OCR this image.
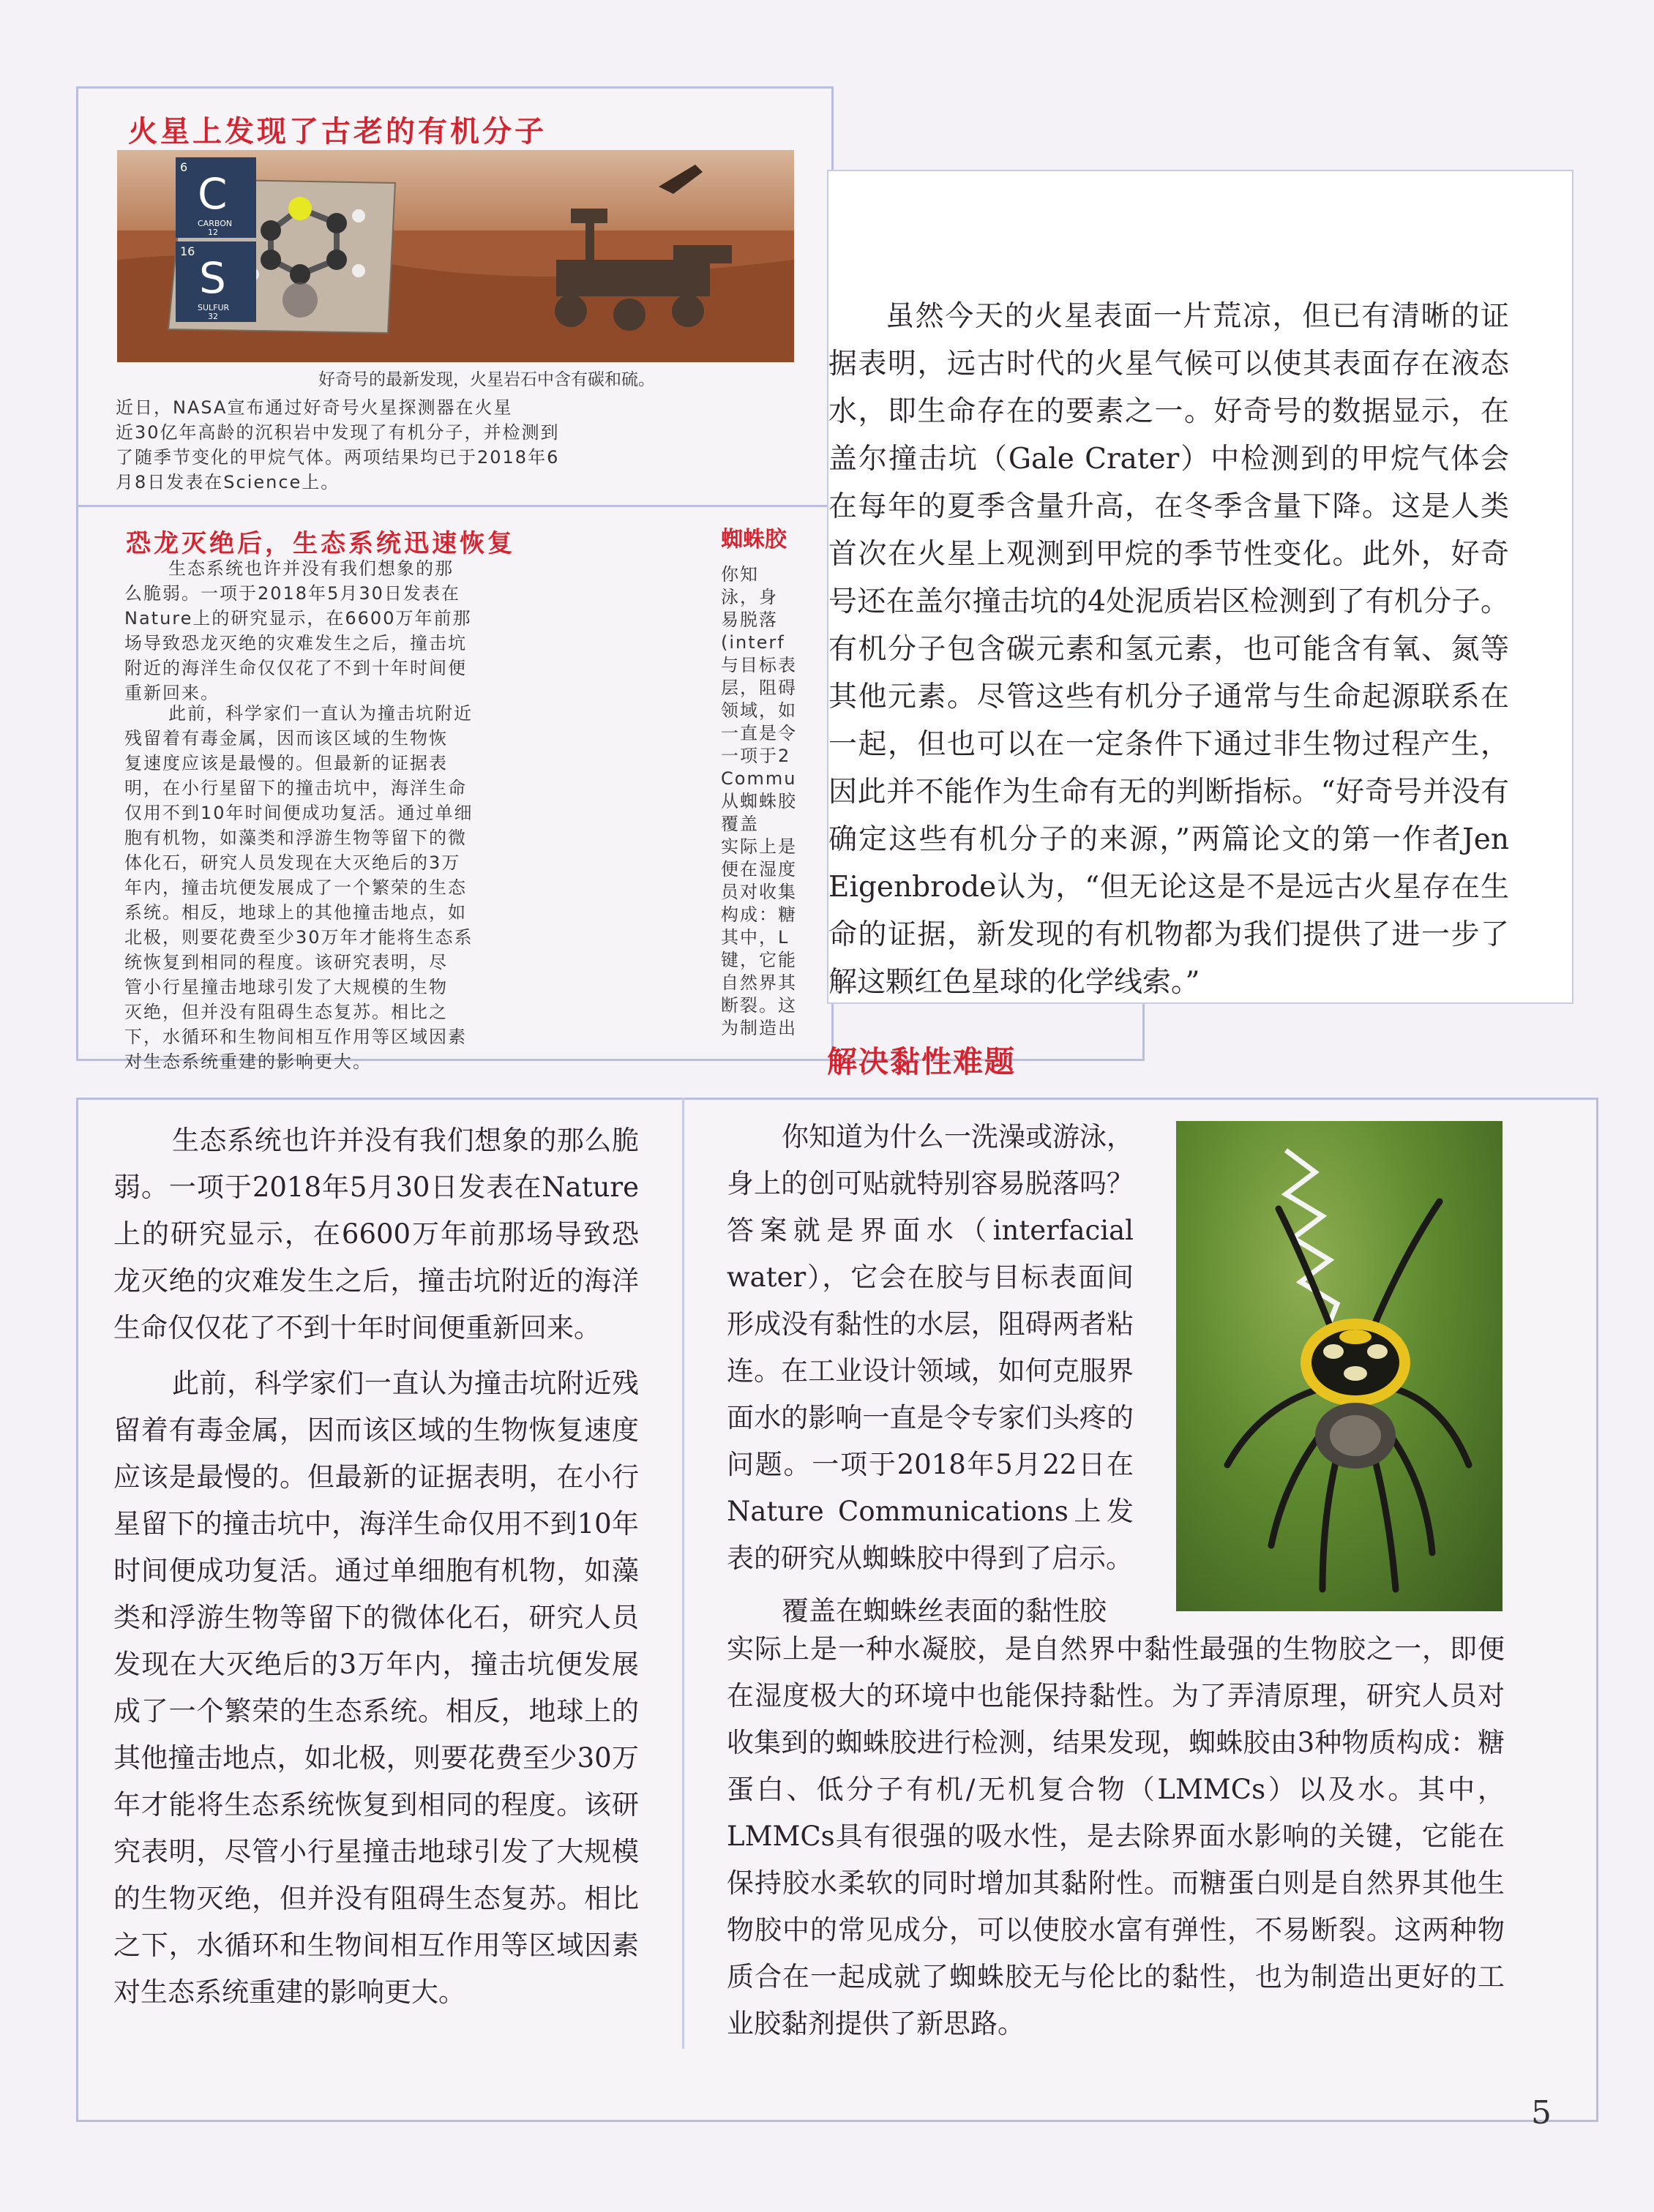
火星上发现了古老的有机分子
6
C
CARBON
12
16
S
SULFUR
32
好奇号的最新发现，火星岩石中含有碳和硫。
近日，NASA宣布通过好奇号火星探测器在火星
近30亿年高龄的沉积岩中发现了有机分子，并检测到
了随季节变化的甲烷气体。两项结果均已于2018年6
月8日发表在Science上。
恐龙灭绝后，生态系统迅速恢复
生态系统也许并没有我们想象的那
么脆弱。一项于2018年5月30日发表在
Nature上的研究显示，在6600万年前那
场导致恐龙灭绝的灾难发生之后，撞击坑
附近的海洋生命仅仅花了不到十年时间便
重新回来。
此前，科学家们一直认为撞击坑附近
残留着有毒金属，因而该区域的生物恢
复速度应该是最慢的。但最新的证据表
明，在小行星留下的撞击坑中，海洋生命
仅用不到10年时间便成功复活。通过单细
胞有机物，如藻类和浮游生物等留下的微
体化石，研究人员发现在大灭绝后的3万
年内，撞击坑便发展成了一个繁荣的生态
系统。相反，地球上的其他撞击地点，如
北极，则要花费至少30万年才能将生态系
统恢复到相同的程度。该研究表明，尽
管小行星撞击地球引发了大规模的生物
灭绝，但并没有阻碍生态复苏。相比之
下，水循环和生物间相互作用等区域因素
对生态系统重建的影响更大。
蜘蛛胶
你知
泳，身
易脱落
(interf
与目标表
层，阻碍
领域，如
一直是令
一项于2
Commu
从蜘蛛胶
覆盖
实际上是
便在湿度
员对收集
构成：糖
其中，L
键，它能
自然界其
断裂。这
为制造出
虽然今天的火星表面一片荒凉，但已有清晰的证据表明，远古时代的火星气候可以使其表面存在液态水，即生命存在的要素之一。好奇号的数据显示，在盖尔撞击坑（Gale Crater）中检测到的甲烷气体会在每年的夏季含量升高，在冬季含量下降。这是人类首次在火星上观测到甲烷的季节性变化。此外，好奇号还在盖尔撞击坑的4处泥质岩区检测到了有机分子。有机分子包含碳元素和氢元素，也可能含有氧、氮等其他元素。尽管这些有机分子通常与生命起源联系在一起，但也可以在一定条件下通过非生物过程产生，因此并不能作为生命有无的判断指标。“好奇号并没有确定这些有机分子的来源，”两篇论文的第一作者Jen Eigenbrode认为，“但无论这是不是远古火星存在生命的证据，新发现的有机物都为我们提供了进一步了解这颗红色星球的化学线索。”
解决黏性难题

生态系统也许并没有我们想象的那么脆弱。一项于2018年5月30日发表在Nature上的研究显示，在6600万年前那场导致恐龙灭绝的灾难发生之后，撞击坑附近的海洋生命仅仅花了不到十年时间便重新回来。

此前，科学家们一直认为撞击坑附近残留着有毒金属，因而该区域的生物恢复速度应该是最慢的。但最新的证据表明，在小行星留下的撞击坑中，海洋生命仅用不到10年时间便成功复活。通过单细胞有机物，如藻类和浮游生物等留下的微体化石，研究人员发现在大灭绝后的3万年内，撞击坑便发展成了一个繁荣的生态系统。相反，地球上的其他撞击地点，如北极，则要花费至少30万年才能将生态系统恢复到相同的程度。该研究表明，尽管小行星撞击地球引发了大规模的生物灭绝，但并没有阻碍生态复苏。相比之下，水循环和生物间相互作用等区域因素对生态系统重建的影响更大。

你知道为什么一洗澡或游泳，身上的创可贴就特别容易脱落吗？答案就是界面水（interfacial water），它会在胶与目标表面间形成没有黏性的水层，阻碍两者粘连。在工业设计领域，如何克服界面水的影响一直是令专家们头疼的问题。一项于2018年5月22日在Nature Communications上发表的研究从蜘蛛胶中得到了启示。

覆盖在蜘蛛丝表面的黏性胶

实际上是一种水凝胶，是自然界中黏性最强的生物胶之一，即便在湿度极大的环境中也能保持黏性。为了弄清原理，研究人员对收集到的蜘蛛胶进行检测，结果发现，蜘蛛胶由3种物质构成：糖蛋白、低分子有机/无机复合物（LMMCs）以及水。其中，LMMCs具有很强的吸水性，是去除界面水影响的关键，它能在保持胶水柔软的同时增加其黏附性。而糖蛋白则是自然界其他生物胶中的常见成分，可以使胶水富有弹性，不易断裂。这两种物质合在一起成就了蜘蛛胶无与伦比的黏性，也为制造出更好的工业胶黏剂提供了新思路。
5
